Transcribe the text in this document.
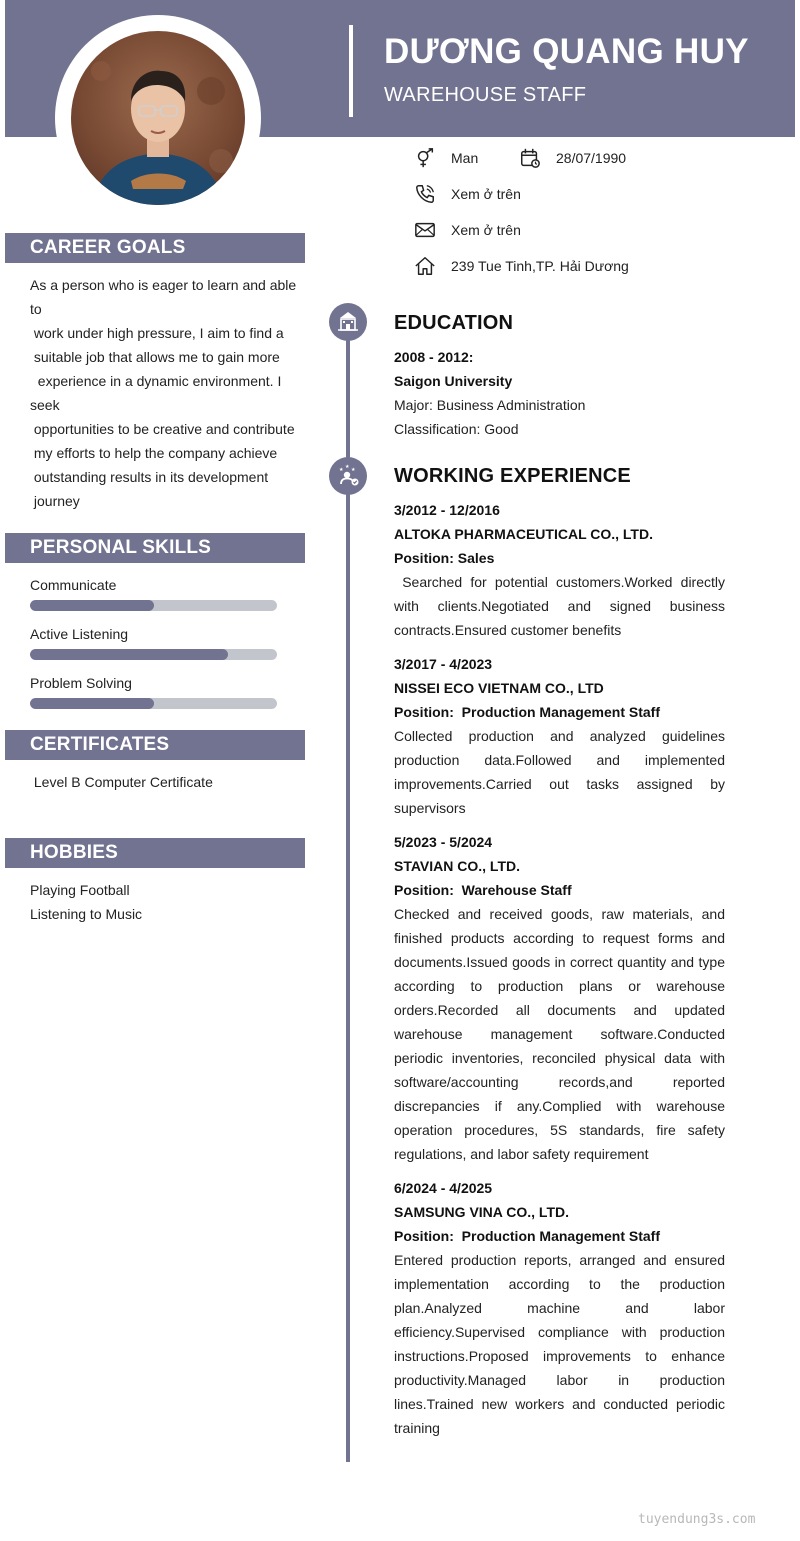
DƯƠNG QUANG HUY
WAREHOUSE STAFF
Man	28/07/1990
Xem ở trên
Xem ở trên
239 Tue Tinh,TP. Hải Dương
CAREER GOALS
As a person who is eager to learn and able
to
work under high pressure, I aim to find a
suitable job that allows me to gain more
experience in a dynamic environment. I
seek
opportunities to be creative and contribute
my efforts to help the company achieve
outstanding results in its development
journey
PERSONAL SKILLS
Communicate
Active Listening
Problem Solving
CERTIFICATES
Level B Computer Certificate
HOBBIES
Playing Football
Listening to Music
★ ★ ★
EDUCATION
2008 - 2012:
Saigon University
Major: Business Administration
Classification: Good
WORKING EXPERIENCE
3/2012 - 12/2016
ALTOKA PHARMACEUTICAL CO., LTD.
Position: Sales
Searched for potential customers.Worked directly with clients.Negotiated and signed business contracts.Ensured customer benefits
3/2017 - 4/2023
NISSEI ECO VIETNAM CO., LTD
Position:  Production Management Staff
Collected production and analyzed guidelines production data.Followed and implemented improvements.Carried out tasks assigned by supervisors
5/2023 - 5/2024
STAVIAN CO., LTD.
Position:  Warehouse Staff
Checked and received goods, raw materials, and finished products according to request forms and documents.Issued goods in correct quantity and type according to production plans or warehouse orders.Recorded all documents and updated warehouse management software.Conducted periodic inventories, reconciled physical data with software/accounting records,and reported discrepancies if any.Complied with warehouse operation procedures, 5S standards, fire safety regulations, and labor safety requirement
6/2024 - 4/2025
SAMSUNG VINA CO., LTD.
Position:  Production Management Staff
Entered production reports, arranged and ensured implementation according to the production plan.Analyzed machine and labor efficiency.Supervised compliance with production instructions.Proposed improvements to enhance productivity.Managed labor in production lines.Trained new workers and conducted periodic training
tuyendung3s.com
